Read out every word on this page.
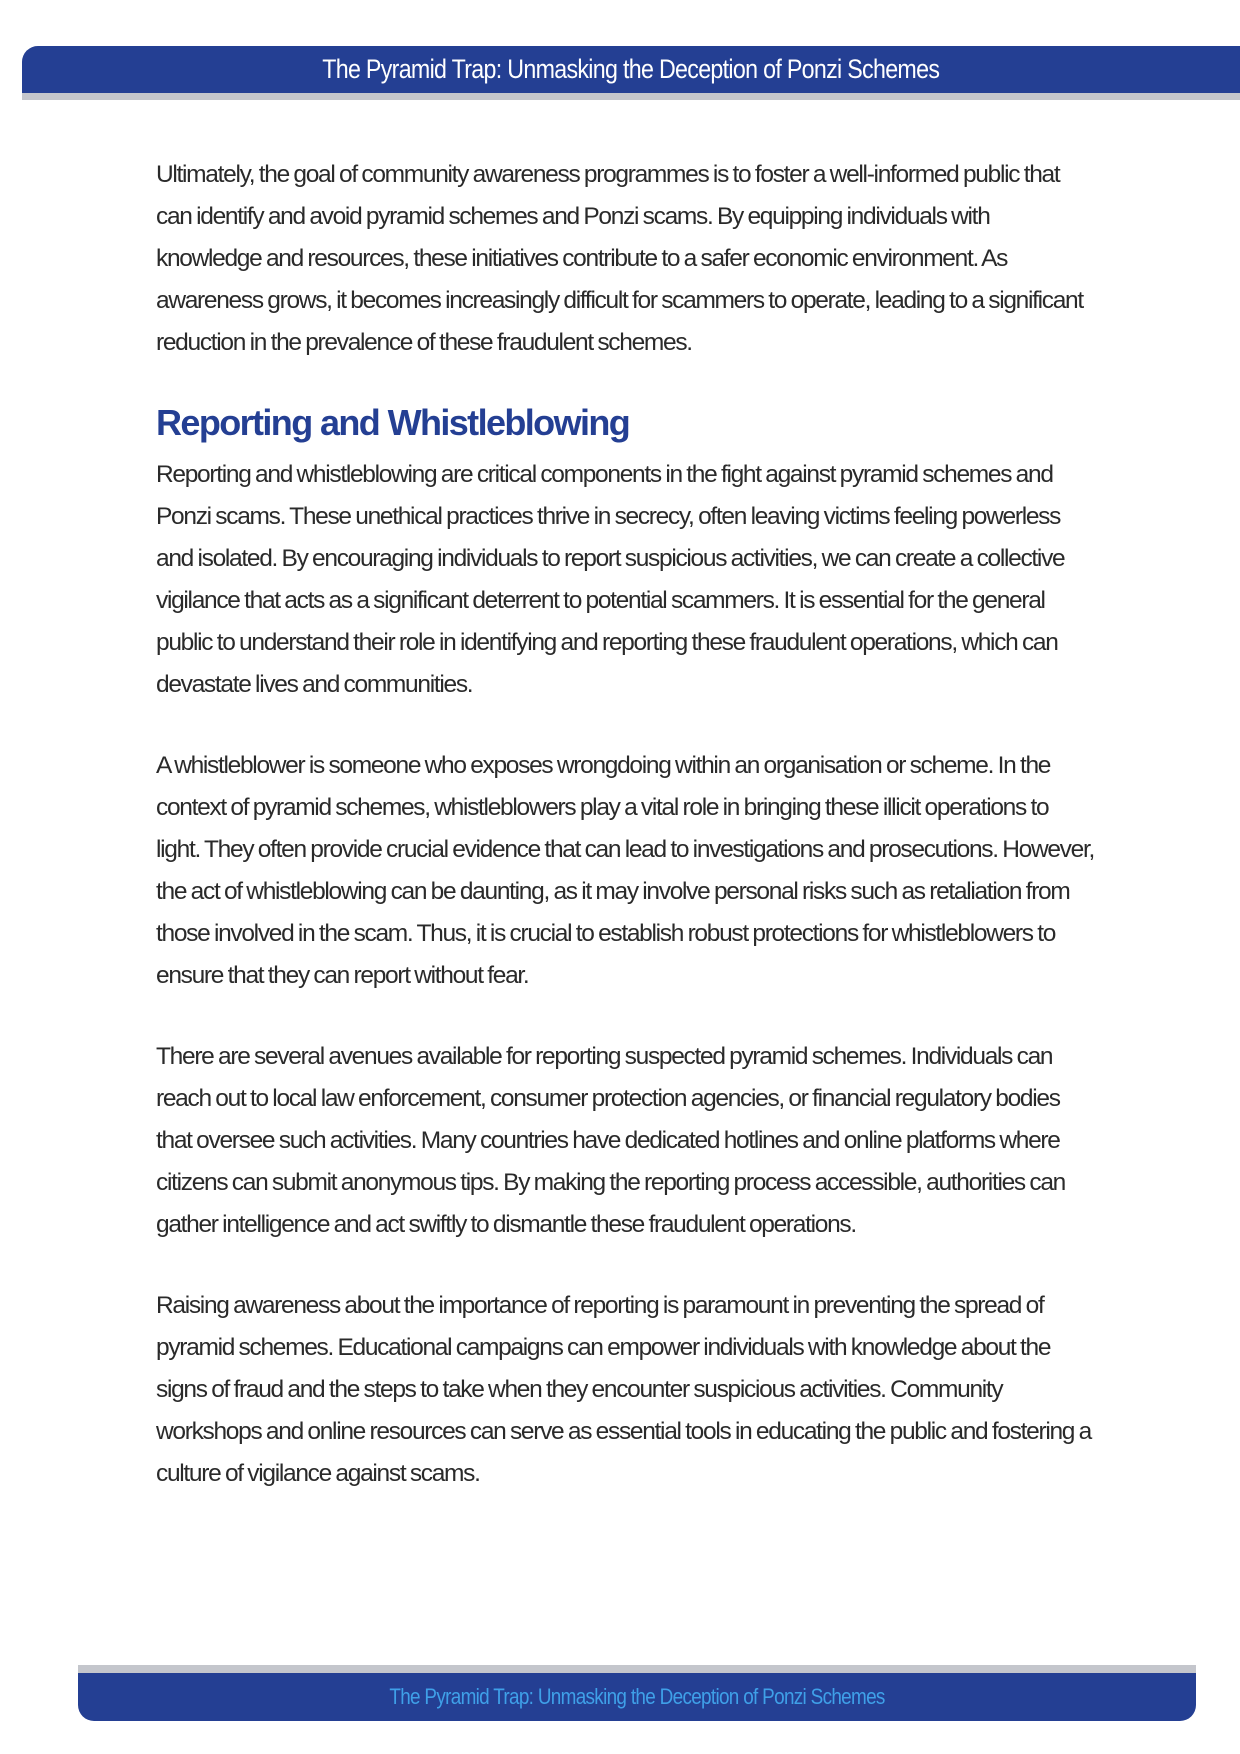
The Pyramid Trap: Unmasking the Deception of Ponzi Schemes

Ultimately, the goal of community awareness programmes is to foster a well-informed public that can identify and avoid pyramid schemes and Ponzi scams. By equipping individuals with knowledge and resources, these initiatives contribute to a safer economic environment. As awareness grows, it becomes increasingly difficult for scammers to operate, leading to a significant reduction in the prevalence of these fraudulent schemes.

Reporting and Whistleblowing

Reporting and whistleblowing are critical components in the fight against pyramid schemes and Ponzi scams. These unethical practices thrive in secrecy, often leaving victims feeling powerless and isolated. By encouraging individuals to report suspicious activities, we can create a collective vigilance that acts as a significant deterrent to potential scammers. It is essential for the general public to understand their role in identifying and reporting these fraudulent operations, which can devastate lives and communities.

A whistleblower is someone who exposes wrongdoing within an organisation or scheme. In the context of pyramid schemes, whistleblowers play a vital role in bringing these illicit operations to light. They often provide crucial evidence that can lead to investigations and prosecutions. However, the act of whistleblowing can be daunting, as it may involve personal risks such as retaliation from those involved in the scam. Thus, it is crucial to establish robust protections for whistleblowers to ensure that they can report without fear.

There are several avenues available for reporting suspected pyramid schemes. Individuals can reach out to local law enforcement, consumer protection agencies, or financial regulatory bodies that oversee such activities. Many countries have dedicated hotlines and online platforms where citizens can submit anonymous tips. By making the reporting process accessible, authorities can gather intelligence and act swiftly to dismantle these fraudulent operations.

Raising awareness about the importance of reporting is paramount in preventing the spread of pyramid schemes. Educational campaigns can empower individuals with knowledge about the signs of fraud and the steps to take when they encounter suspicious activities. Community workshops and online resources can serve as essential tools in educating the public and fostering a culture of vigilance against scams.

The Pyramid Trap: Unmasking the Deception of Ponzi Schemes
